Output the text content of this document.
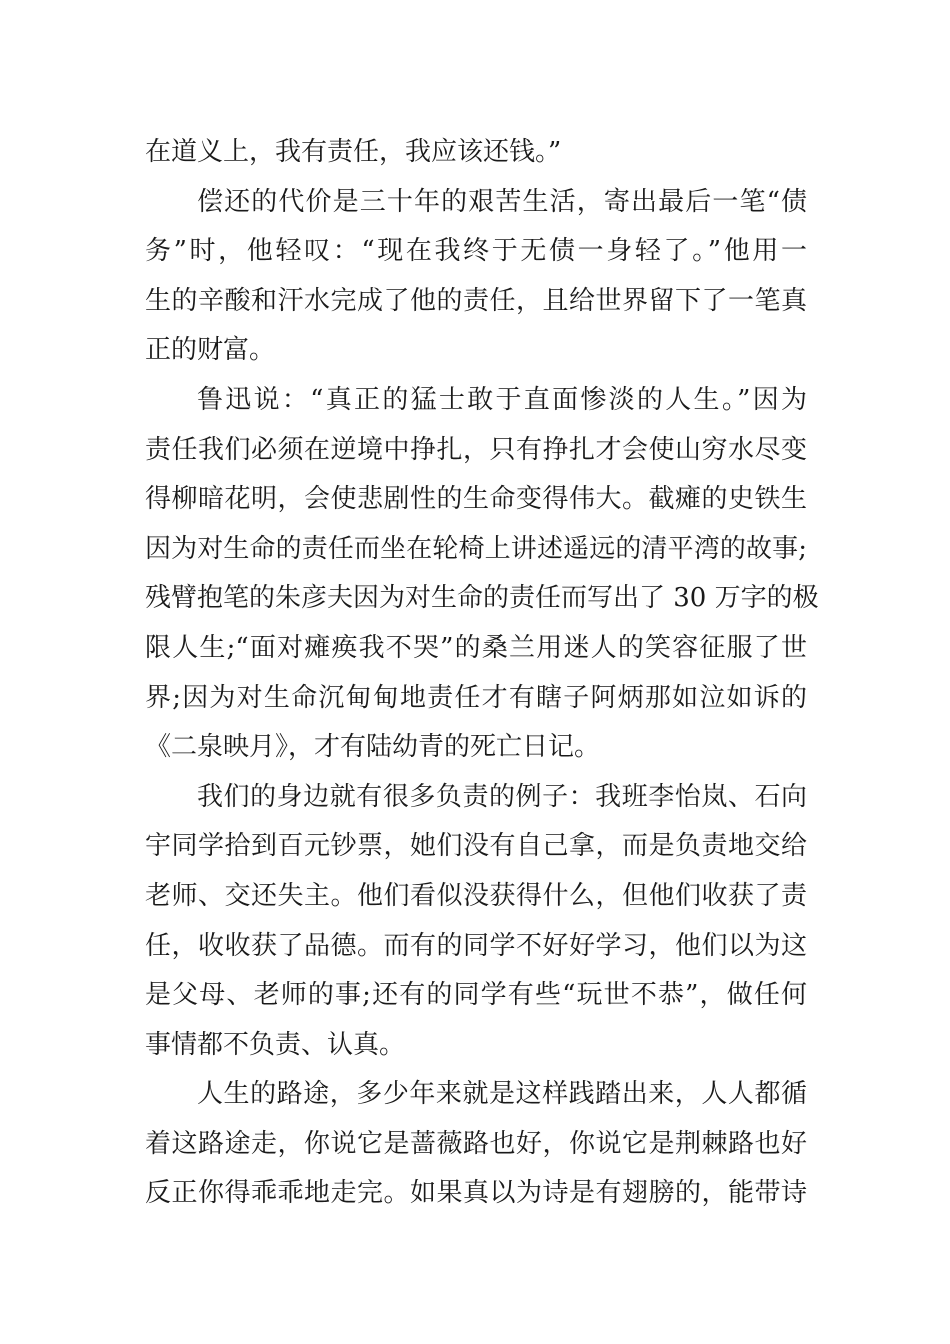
在道义上，我有责任，我应该还钱。”
偿还的代价是三十年的艰苦生活，寄出最后一笔“债
务”时，他轻叹：“现在我终于无债一身轻了。”他用一
生的辛酸和汗水完成了他的责任，且给世界留下了一笔真
正的财富。
鲁迅说：“真正的猛士敢于直面惨淡的人生。”因为
责任我们必须在逆境中挣扎，只有挣扎才会使山穷水尽变
得柳暗花明，会使悲剧性的生命变得伟大。截瘫的史铁生
因为对生命的责任而坐在轮椅上讲述遥远的清平湾的故事;
残臂抱笔的朱彦夫因为对生命的责任而写出了 30 万字的极
限人生;“面对瘫痪我不哭”的桑兰用迷人的笑容征服了世
界;因为对生命沉甸甸地责任才有瞎子阿炳那如泣如诉的
《二泉映月》，才有陆幼青的死亡日记。
我们的身边就有很多负责的例子：我班李怡岚、石向
宇同学拾到百元钞票，她们没有自己拿，而是负责地交给
老师、交还失主。他们看似没获得什么，但他们收获了责
任，收收获了品德。而有的同学不好好学习，他们以为这
是父母、老师的事;还有的同学有些“玩世不恭”，做任何
事情都不负责、认真。
人生的路途，多少年来就是这样践踏出来，人人都循
着这路途走，你说它是蔷薇路也好，你说它是荆棘路也好
反正你得乖乖地走完。如果真以为诗是有翅膀的，能带诗
